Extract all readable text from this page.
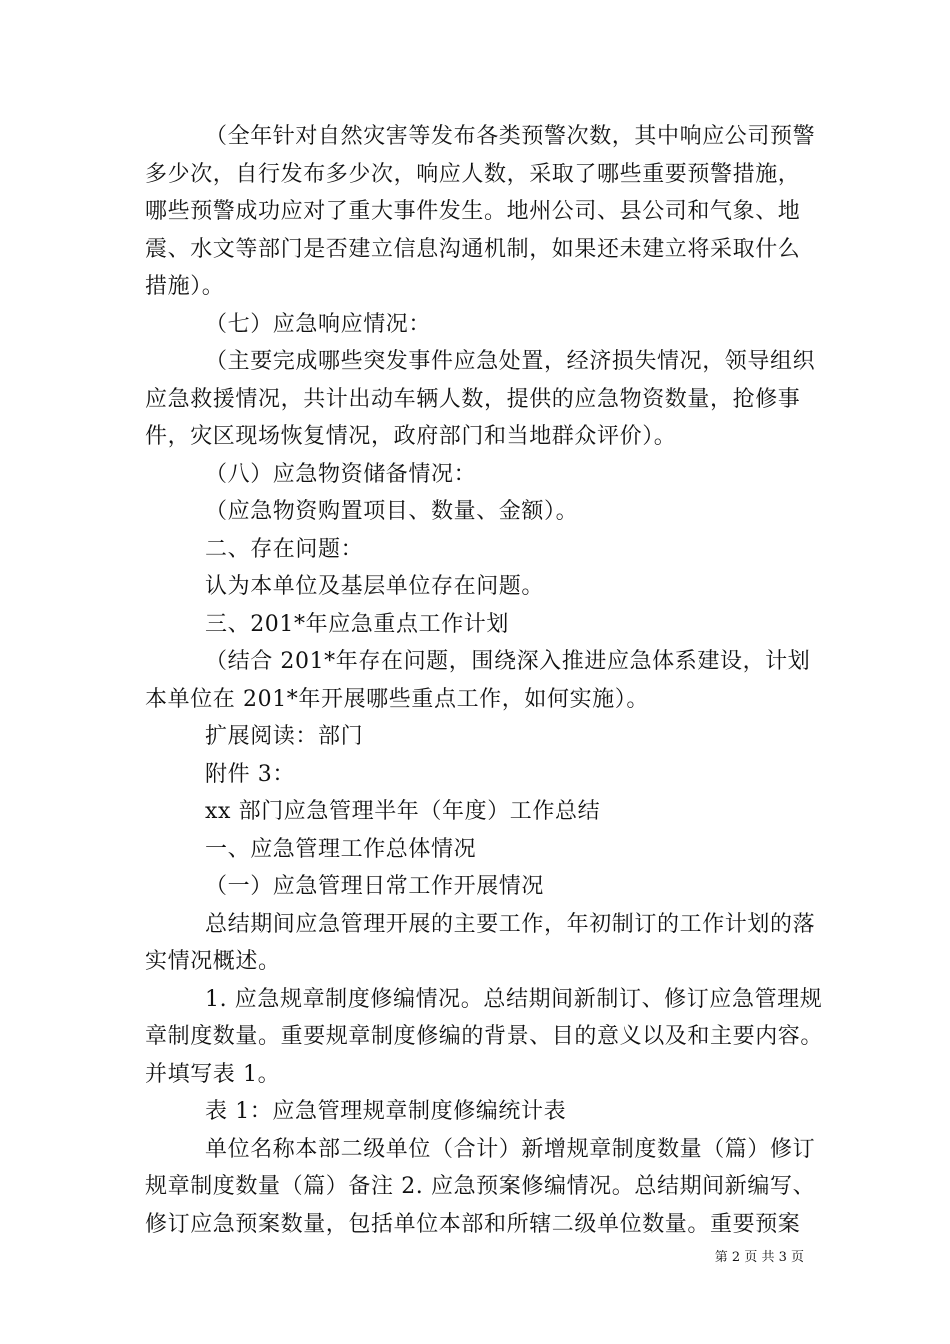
（全年针对自然灾害等发布各类预警次数，其中响应公司预警
多少次，自行发布多少次，响应人数，采取了哪些重要预警措施，
哪些预警成功应对了重大事件发生。地州公司、县公司和气象、地
震、水文等部门是否建立信息沟通机制，如果还未建立将采取什么
措施）。
（七）应急响应情况：
（主要完成哪些突发事件应急处置，经济损失情况，领导组织
应急救援情况，共计出动车辆人数，提供的应急物资数量，抢修事
件，灾区现场恢复情况，政府部门和当地群众评价）。
（八）应急物资储备情况：
（应急物资购置项目、数量、金额）。
二、存在问题：
认为本单位及基层单位存在问题。
三、201*年应急重点工作计划
（结合 201*年存在问题，围绕深入推进应急体系建设，计划
本单位在 201*年开展哪些重点工作，如何实施）。
扩展阅读：部门
附件 3：
xx 部门应急管理半年（年度）工作总结
一、应急管理工作总体情况
（一）应急管理日常工作开展情况
总结期间应急管理开展的主要工作，年初制订的工作计划的落
实情况概述。
1. 应急规章制度修编情况。总结期间新制订、修订应急管理规
章制度数量。重要规章制度修编的背景、目的意义以及和主要内容。
并填写表 1。
表 1：应急管理规章制度修编统计表
单位名称本部二级单位（合计）新增规章制度数量（篇）修订
规章制度数量（篇）备注 2. 应急预案修编情况。总结期间新编写、
修订应急预案数量，包括单位本部和所辖二级单位数量。重要预案
第 2 页 共 3 页
